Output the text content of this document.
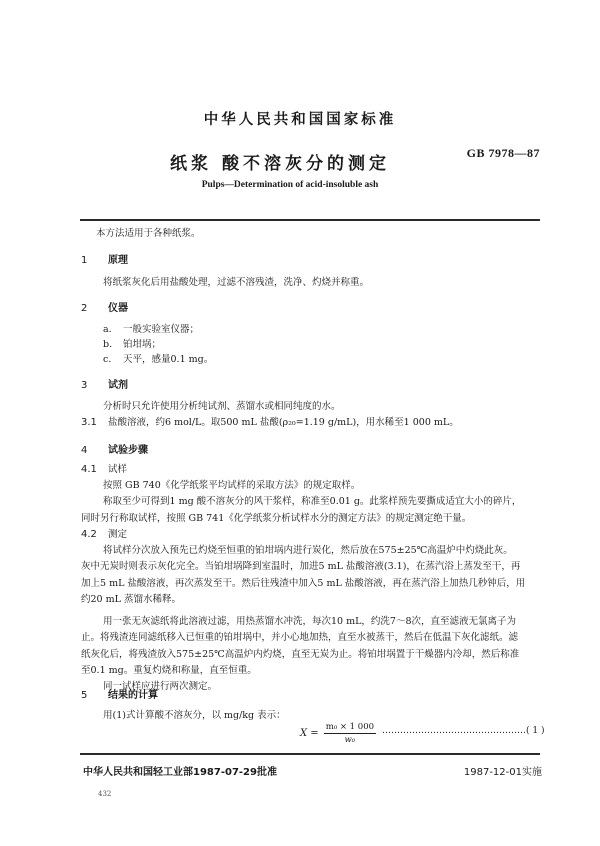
中华人民共和国国家标准
GB 7978—87
纸浆 酸不溶灰分的测定
Pulps—Determination of acid-insoluble ash
本方法适用于各种纸浆。
1 原理
将纸浆灰化后用盐酸处理，过滤不溶残渣，洗净、灼烧并称重。
2 仪器
a. 一般实验室仪器；
b. 铂坩埚；
c. 天平，感量0.1 mg。
3 试剂
分析时只允许使用分析纯试剂、蒸馏水或相同纯度的水。
3.1 盐酸溶液，约6 mol/L。取500 mL 盐酸(ρ₂₀=1.19 g/mL)，用水稀至1 000 mL。
4 试验步骤
4.1 试样
按照 GB 740《化学纸浆平均试样的采取方法》的规定取样。
称取至少可得到1 mg 酸不溶灰分的风干浆样，称准至0.01 g。此浆样预先要撕成适宜大小的碎片，
同时另行称取试样，按照 GB 741《化学纸浆分析试样水分的测定方法》的规定测定绝干量。
4.2 测定
将试样分次放入预先已灼烧至恒重的铂坩埚内进行炭化，然后放在575±25℃高温炉中灼烧此灰。
灰中无炭时则表示灰化完全。当铂坩埚降到室温时，加进5 mL 盐酸溶液(3.1)，在蒸汽浴上蒸发至干，再
加上5 mL 盐酸溶液，再次蒸发至干。然后往残渣中加入5 mL 盐酸溶液，再在蒸汽浴上加热几秒钟后，用
约20 mL 蒸馏水稀释。
用一张无灰滤纸将此溶液过滤，用热蒸馏水冲洗，每次10 mL，约洗7～8次，直至滤液无氯离子为
止。将残渣连同滤纸移入已恒重的铂坩埚中，并小心地加热，直至水被蒸干，然后在低温下灰化滤纸。滤
纸灰化后，将残渣放入575±25℃高温炉内灼烧，直至无炭为止。将铂坩埚置于干燥器内冷却，然后称准
至0.1 mg。重复灼烧和称量，直至恒重。
同一试样应进行两次测定。
5 结果的计算
用(1)式计算酸不溶灰分，以 mg/kg 表示：
$X = \frac{\text{m₀ × 1 000}}{\text{w₀}}$ …………………………………………( 1 )
中华人民共和国轻工业部1987-07-29批准	1987-12-01实施
432
